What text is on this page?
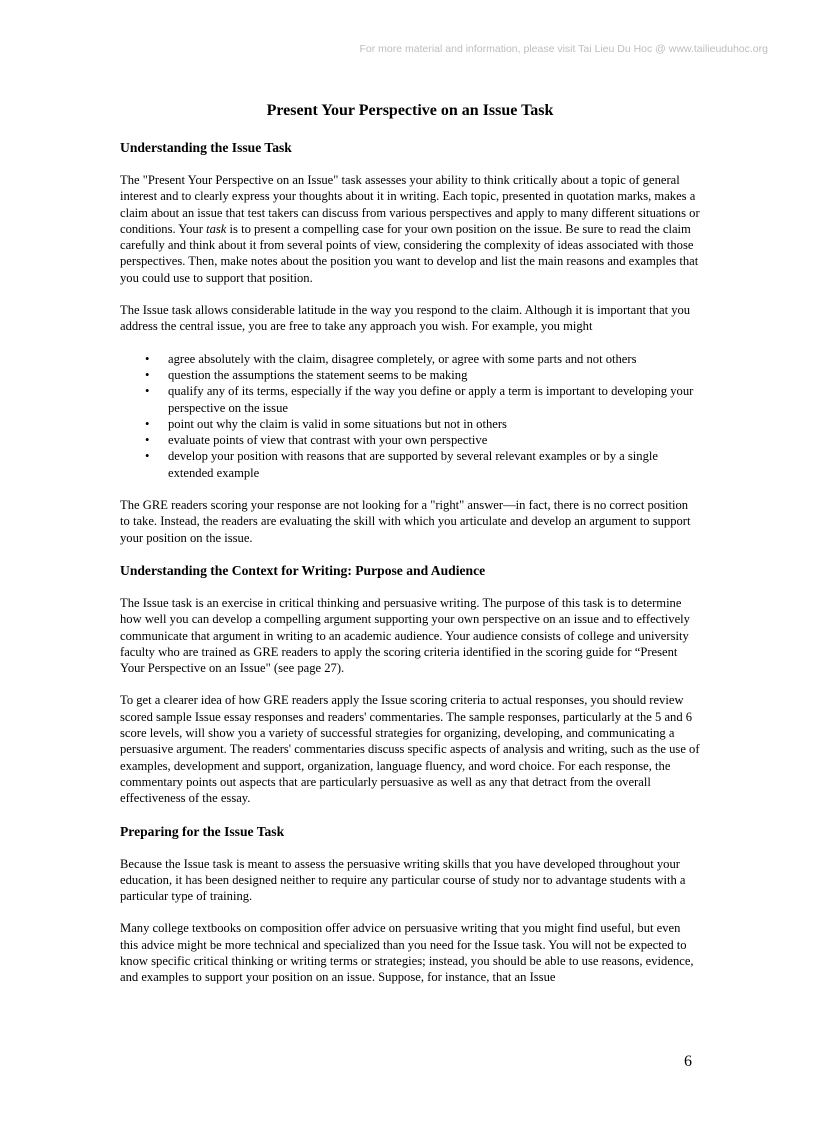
For more material and information, please visit Tai Lieu Du Hoc @ www.tailieuduhoc.org
Present Your Perspective on an Issue Task
Understanding the Issue Task

The "Present Your Perspective on an Issue" task assesses your ability to think critically about a topic of general interest and to clearly express your thoughts about it in writing. Each topic, presented in quotation marks, makes a claim about an issue that test takers can discuss from various perspectives and apply to many different situations or conditions. Your task is to present a compelling case for your own position on the issue. Be sure to read the claim carefully and think about it from several points of view, considering the complexity of ideas associated with those perspectives. Then, make notes about the position you want to develop and list the main reasons and examples that you could use to support that position.

The Issue task allows considerable latitude in the way you respond to the claim. Although it is important that you address the central issue, you are free to take any approach you wish. For example, you might

• agree absolutely with the claim, disagree completely, or agree with some parts and not others
• question the assumptions the statement seems to be making
• qualify any of its terms, especially if the way you define or apply a term is important to developing your perspective on the issue
• point out why the claim is valid in some situations but not in others
• evaluate points of view that contrast with your own perspective
• develop your position with reasons that are supported by several relevant examples or by a single extended example

The GRE readers scoring your response are not looking for a "right" answer—in fact, there is no correct position to take. Instead, the readers are evaluating the skill with which you articulate and develop an argument to support your position on the issue.

Understanding the Context for Writing: Purpose and Audience

The Issue task is an exercise in critical thinking and persuasive writing. The purpose of this task is to determine how well you can develop a compelling argument supporting your own perspective on an issue and to effectively communicate that argument in writing to an academic audience. Your audience consists of college and university faculty who are trained as GRE readers to apply the scoring criteria identified in the scoring guide for “Present Your Perspective on an Issue" (see page 27).

To get a clearer idea of how GRE readers apply the Issue scoring criteria to actual responses, you should review scored sample Issue essay responses and readers' commentaries. The sample responses, particularly at the 5 and 6 score levels, will show you a variety of successful strategies for organizing, developing, and communicating a persuasive argument. The readers' commentaries discuss specific aspects of analysis and writing, such as the use of examples, development and support, organization, language fluency, and word choice. For each response, the commentary points out aspects that are particularly persuasive as well as any that detract from the overall effectiveness of the essay.

Preparing for the Issue Task

Because the Issue task is meant to assess the persuasive writing skills that you have developed throughout your education, it has been designed neither to require any particular course of study nor to advantage students with a particular type of training.

Many college textbooks on composition offer advice on persuasive writing that you might find useful, but even this advice might be more technical and specialized than you need for the Issue task. You will not be expected to know specific critical thinking or writing terms or strategies; instead, you should be able to use reasons, evidence, and examples to support your position on an issue. Suppose, for instance, that an Issue

6
